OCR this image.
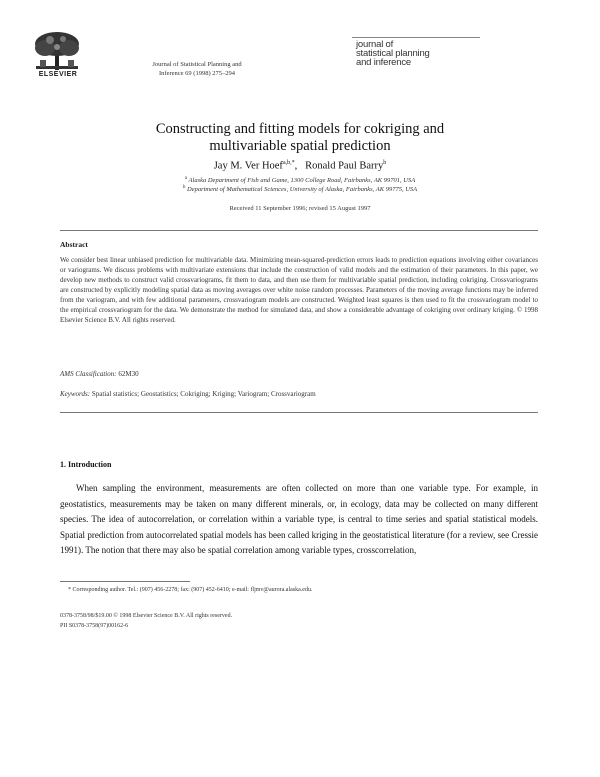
ELSEVIER
Journal of Statistical Planning and
Inference 69 (1998) 275–294
journal of
statistical planning
and inference
Constructing and fitting models for cokriging and
multivariable spatial prediction
Jay M. Ver Hoef$^{a,b,*}$,   Ronald Paul Barry$^b$
$^a$ Alaska Department of Fish and Game, 1300 College Road, Fairbanks, AK 99701, USA
$^b$ Department of Mathematical Sciences, University of Alaska, Fairbanks, AK 99775, USA
Received 11 September 1996; revised 15 August 1997
Abstract
We consider best linear unbiased prediction for multivariable data. Minimizing mean-squared-prediction errors leads to prediction equations involving either covariances or variograms. We discuss problems with multivariate extensions that include the construction of valid models and the estimation of their parameters. In this paper, we develop new methods to construct valid crossvariograms, fit them to data, and then use them for multivariable spatial prediction, including cokriging. Crossvariograms are constructed by explicitly modeling spatial data as moving averages over white noise random processes. Parameters of the moving average functions may be inferred from the variogram, and with few additional parameters, crossvariogram models are constructed. Weighted least squares is then used to fit the crossvariogram model to the empirical crossvariogram for the data. We demonstrate the method for simulated data, and show a considerable advantage of cokriging over ordinary kriging. © 1998 Elsevier Science B.V. All rights reserved.
AMS Classification: 62M30
Keywords: Spatial statistics; Geostatistics; Cokriging; Kriging; Variogram; Crossvariogram
1. Introduction
When sampling the environment, measurements are often collected on more than one variable type. For example, in geostatistics, measurements may be taken on many different minerals, or, in ecology, data may be collected on many different species. The idea of autocorrelation, or correlation within a variable type, is central to time series and spatial statistical models. Spatial prediction from autocorrelated spatial models has been called kriging in the geostatistical literature (for a review, see Cressie 1991). The notion that there may also be spatial correlation among variable types, crosscorrelation,
* Corresponding author. Tel.: (907) 456-2278; fax: (907) 452-6410; e-mail: fljmv@aurora.alaska.edu.
0378-3758/98/$19.00 © 1998 Elsevier Science B.V. All rights reserved.
PII S0378-3758(97)00162-6
